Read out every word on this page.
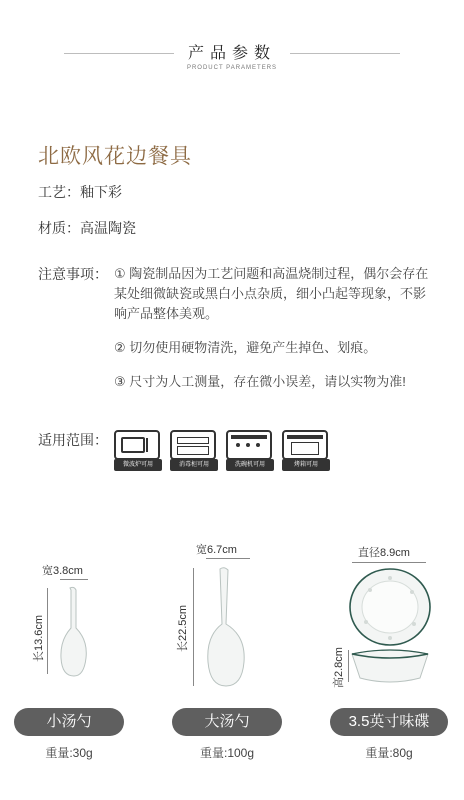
产品参数
PRODUCT PARAMETERS
北欧风花边餐具
工艺：釉下彩
材质：高温陶瓷
注意事项： ① 陶瓷制品因为工艺问题和高温烧制过程，偶尔会存在某处细微缺瓷或黑白小点杂质，细小凸起等现象，不影响产品整体美观。
② 切勿使用硬物清洗，避免产生掉色、划痕。
③ 尺寸为人工测量，存在微小误差，请以实物为准!
适用范围：
微波炉可用	消毒柜可用	洗碗机可用	烤箱可用
宽3.8cm
长13.6cm
宽6.7cm
长22.5cm
直径8.9cm
高2.8cm
小汤勺	大汤勺	3.5英寸味碟
重量:30g	重量:100g	重量:80g
